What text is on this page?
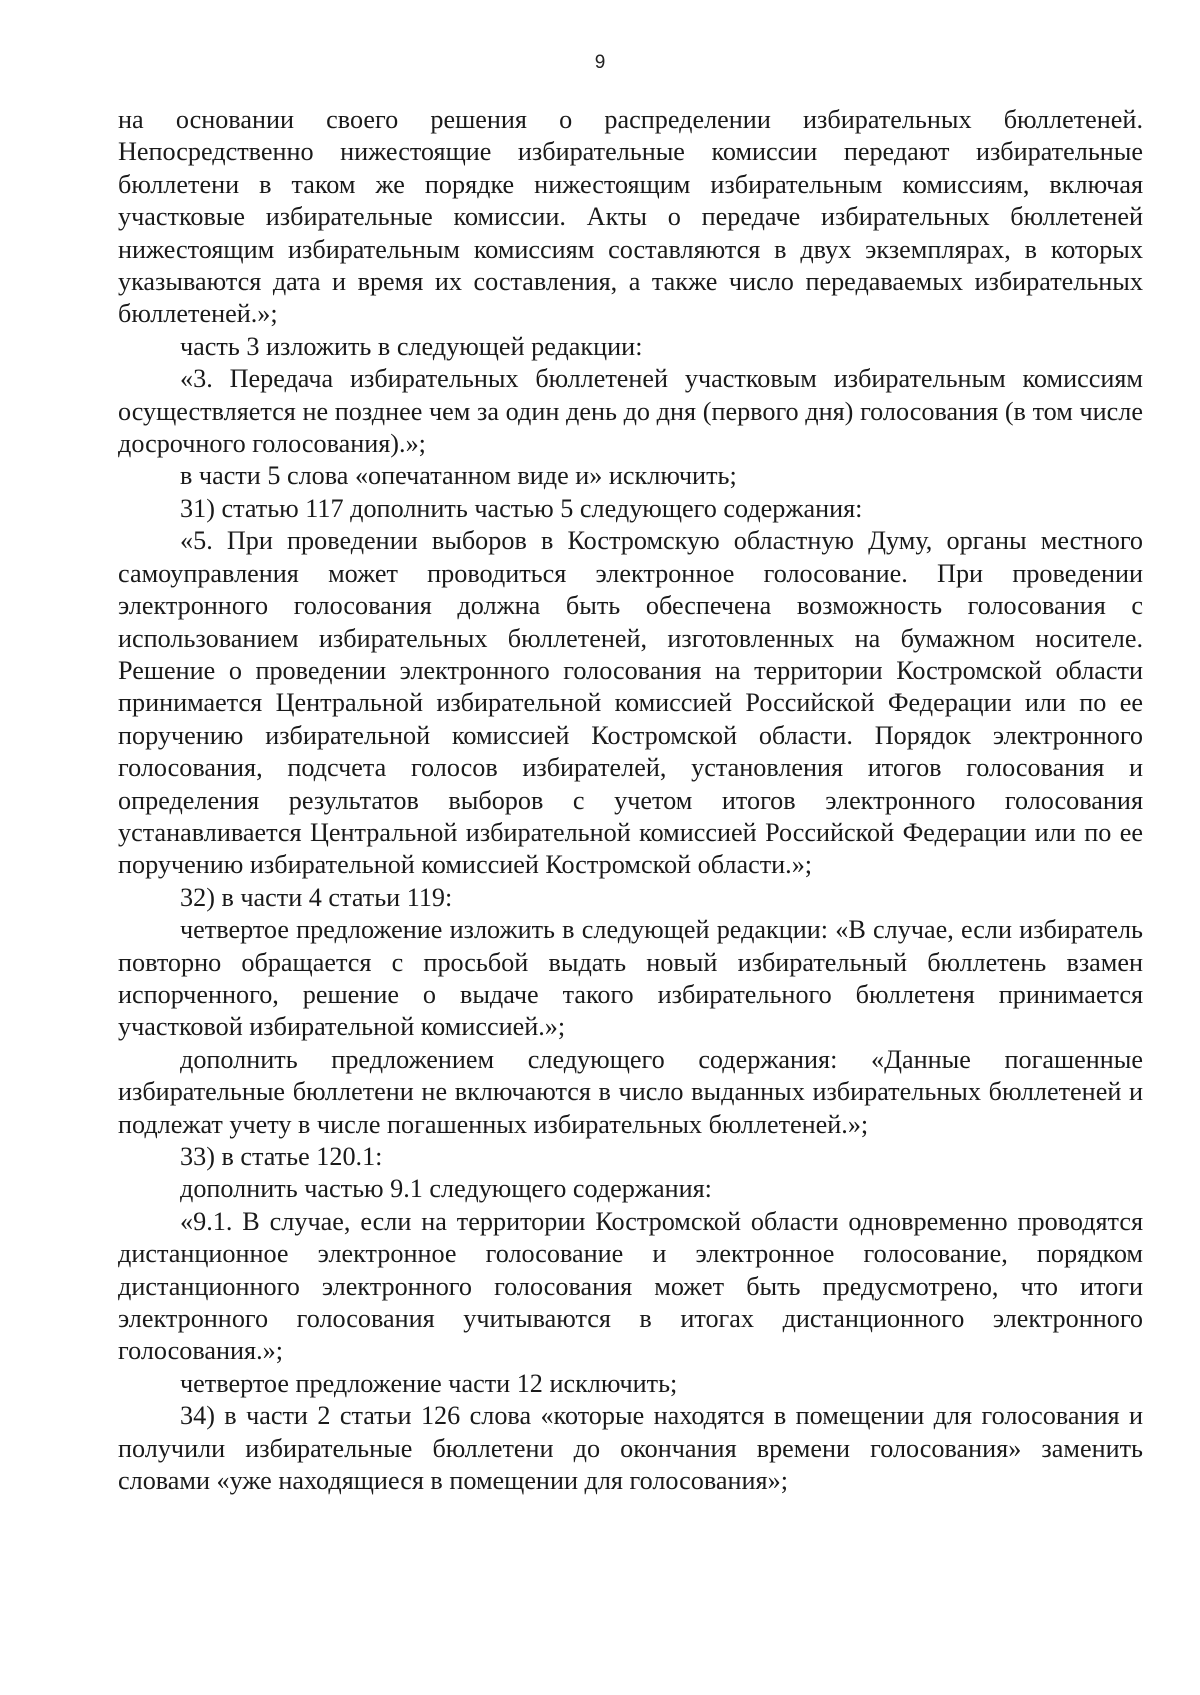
9

на основании своего решения о распределении избирательных бюллетеней. Непосредственно нижестоящие избирательные комиссии передают избирательные бюллетени в таком же порядке нижестоящим избирательным комиссиям, включая участковые избирательные комиссии. Акты о передаче избирательных бюллетеней нижестоящим избирательным комиссиям составляются в двух экземплярах, в которых указываются дата и время их составления, а также число передаваемых избирательных бюллетеней.»;

часть 3 изложить в следующей редакции:

«3. Передача избирательных бюллетеней участковым избирательным комиссиям осуществляется не позднее чем за один день до дня (первого дня) голосования (в том числе досрочного голосования).»;

в части 5 слова «опечатанном виде и» исключить;

31) статью 117 дополнить частью 5 следующего содержания:

«5. При проведении выборов в Костромскую областную Думу, органы местного самоуправления может проводиться электронное голосование. При проведении электронного голосования должна быть обеспечена возможность голосования с использованием избирательных бюллетеней, изготовленных на бумажном носителе. Решение о проведении электронного голосования на территории Костромской области принимается Центральной избирательной комиссией Российской Федерации или по ее поручению избирательной комиссией Костромской области. Порядок электронного голосования, подсчета голосов избирателей, установления итогов голосования и определения результатов выборов с учетом итогов электронного голосования устанавливается Центральной избирательной комиссией Российской Федерации или по ее поручению избирательной комиссией Костромской области.»;

32) в части 4 статьи 119:

четвертое предложение изложить в следующей редакции: «В случае, если избиратель повторно обращается с просьбой выдать новый избирательный бюллетень взамен испорченного, решение о выдаче такого избирательного бюллетеня принимается участковой избирательной комиссией.»;

дополнить предложением следующего содержания: «Данные погашенные избирательные бюллетени не включаются в число выданных избирательных бюллетеней и подлежат учету в числе погашенных избирательных бюллетеней.»;

33) в статье 120.1:

дополнить частью 9.1 следующего содержания:

«9.1. В случае, если на территории Костромской области одновременно проводятся дистанционное электронное голосование и электронное голосование, порядком дистанционного электронного голосования может быть предусмотрено, что итоги электронного голосования учитываются в итогах дистанционного электронного голосования.»;

четвертое предложение части 12 исключить;

34) в части 2 статьи 126 слова «которые находятся в помещении для голосования и получили избирательные бюллетени до окончания времени голосования» заменить словами «уже находящиеся в помещении для голосования»;
